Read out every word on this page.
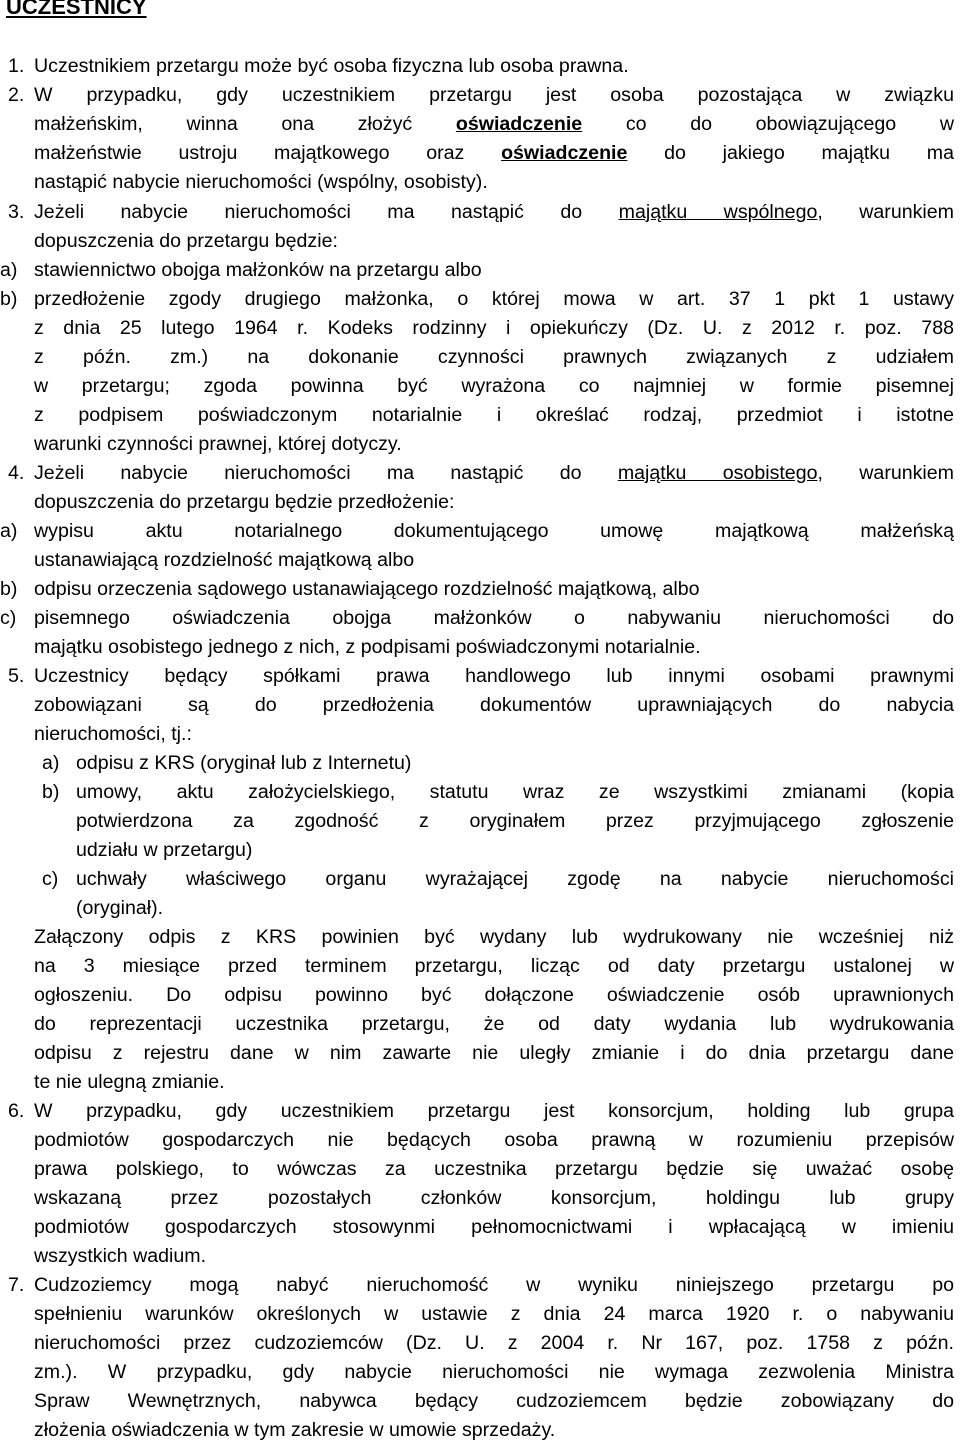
UCZESTNICY
1. Uczestnikiem przetargu może być osoba fizyczna lub osoba prawna.
2. W przypadku, gdy uczestnikiem przetargu jest osoba pozostająca w związku
małżeńskim, winna ona złożyć oświadczenie co do obowiązującego w
małżeństwie ustroju majątkowego oraz oświadczenie do jakiego majątku ma
nastąpić nabycie nieruchomości (wspólny, osobisty).
3. Jeżeli nabycie nieruchomości ma nastąpić do majątku wspólnego, warunkiem
dopuszczenia do przetargu będzie:
a) stawiennictwo obojga małżonków na przetargu albo
b) przedłożenie zgody drugiego małżonka, o której mowa w art. 37 1 pkt 1 ustawy
z dnia 25 lutego 1964 r. Kodeks rodzinny i opiekuńczy (Dz. U. z 2012 r. poz. 788
z późn. zm.) na dokonanie czynności prawnych związanych z udziałem
w przetargu; zgoda powinna być wyrażona co najmniej w formie pisemnej
z podpisem poświadczonym notarialnie i określać rodzaj, przedmiot i istotne
warunki czynności prawnej, której dotyczy.
4. Jeżeli nabycie nieruchomości ma nastąpić do majątku osobistego, warunkiem
dopuszczenia do przetargu będzie przedłożenie:
a) wypisu aktu notarialnego dokumentującego umowę majątkową małżeńską
ustanawiającą rozdzielność majątkową albo
b) odpisu orzeczenia sądowego ustanawiającego rozdzielność majątkową, albo
c) pisemnego oświadczenia obojga małżonków o nabywaniu nieruchomości do
majątku osobistego jednego z nich, z podpisami poświadczonymi notarialnie.
5. Uczestnicy będący spółkami prawa handlowego lub innymi osobami prawnymi
zobowiązani są do przedłożenia dokumentów uprawniających do nabycia
nieruchomości, tj.:
a) odpisu z KRS (oryginał lub z Internetu)
b) umowy, aktu założycielskiego, statutu wraz ze wszystkimi zmianami (kopia
potwierdzona za zgodność z oryginałem przez przyjmującego zgłoszenie
udziału w przetargu)
c) uchwały właściwego organu wyrażającej zgodę na nabycie nieruchomości
(oryginał).
Załączony odpis z KRS powinien być wydany lub wydrukowany nie wcześniej niż
na 3 miesiące przed terminem przetargu, licząc od daty przetargu ustalonej w
ogłoszeniu. Do odpisu powinno być dołączone oświadczenie osób uprawnionych
do reprezentacji uczestnika przetargu, że od daty wydania lub wydrukowania
odpisu z rejestru dane w nim zawarte nie uległy zmianie i do dnia przetargu dane
te nie ulegną zmianie.
6. W przypadku, gdy uczestnikiem przetargu jest konsorcjum, holding lub grupa
podmiotów gospodarczych nie będących osoba prawną w rozumieniu przepisów
prawa polskiego, to wówczas za uczestnika przetargu będzie się uważać osobę
wskazaną przez pozostałych członków konsorcjum, holdingu lub grupy
podmiotów gospodarczych stosowynmi pełnomocnictwami i wpłacającą w imieniu
wszystkich wadium.
7. Cudzoziemcy mogą nabyć nieruchomość w wyniku niniejszego przetargu po
spełnieniu warunków określonych w ustawie z dnia 24 marca 1920 r. o nabywaniu
nieruchomości przez cudzoziemców (Dz. U. z 2004 r. Nr 167, poz. 1758 z późn.
zm.). W przypadku, gdy nabycie nieruchomości nie wymaga zezwolenia Ministra
Spraw Wewnętrznych, nabywca będący cudzoziemcem będzie zobowiązany do
złożenia oświadczenia w tym zakresie w umowie sprzedaży.
